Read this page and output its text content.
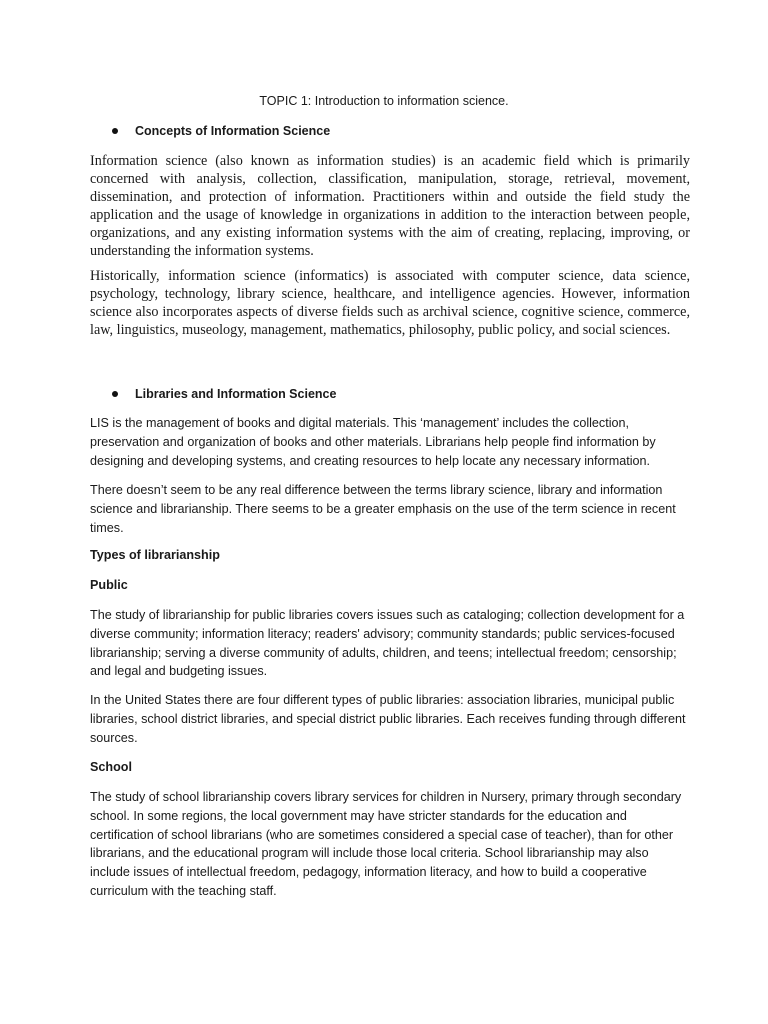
TOPIC 1: Introduction to information science.
Concepts of Information Science
Information science (also known as information studies) is an academic field which is primarily concerned with analysis, collection, classification, manipulation, storage, retrieval, movement, dissemination, and protection of information. Practitioners within and outside the field study the application and the usage of knowledge in organizations in addition to the interaction between people, organizations, and any existing information systems with the aim of creating, replacing, improving, or understanding the information systems.
Historically, information science (informatics) is associated with computer science, data science, psychology, technology, library science, healthcare, and intelligence agencies. However, information science also incorporates aspects of diverse fields such as archival science, cognitive science, commerce, law, linguistics, museology, management, mathematics, philosophy, public policy, and social sciences.
Libraries and Information Science
LIS is the management of books and digital materials. This ‘management’ includes the collection, preservation and organization of books and other materials. Librarians help people find information by designing and developing systems, and creating resources to help locate any necessary information.
There doesn’t seem to be any real difference between the terms library science, library and information science and librarianship. There seems to be a greater emphasis on the use of the term science in recent times.
Types of librarianship
Public
The study of librarianship for public libraries covers issues such as cataloging; collection development for a diverse community; information literacy; readers' advisory; community standards; public services-focused librarianship; serving a diverse community of adults, children, and teens; intellectual freedom; censorship; and legal and budgeting issues.
In the United States there are four different types of public libraries: association libraries, municipal public libraries, school district libraries, and special district public libraries. Each receives funding through different sources.
School
The study of school librarianship covers library services for children in Nursery, primary through secondary school. In some regions, the local government may have stricter standards for the education and certification of school librarians (who are sometimes considered a special case of teacher), than for other librarians, and the educational program will include those local criteria. School librarianship may also include issues of intellectual freedom, pedagogy, information literacy, and how to build a cooperative curriculum with the teaching staff.
